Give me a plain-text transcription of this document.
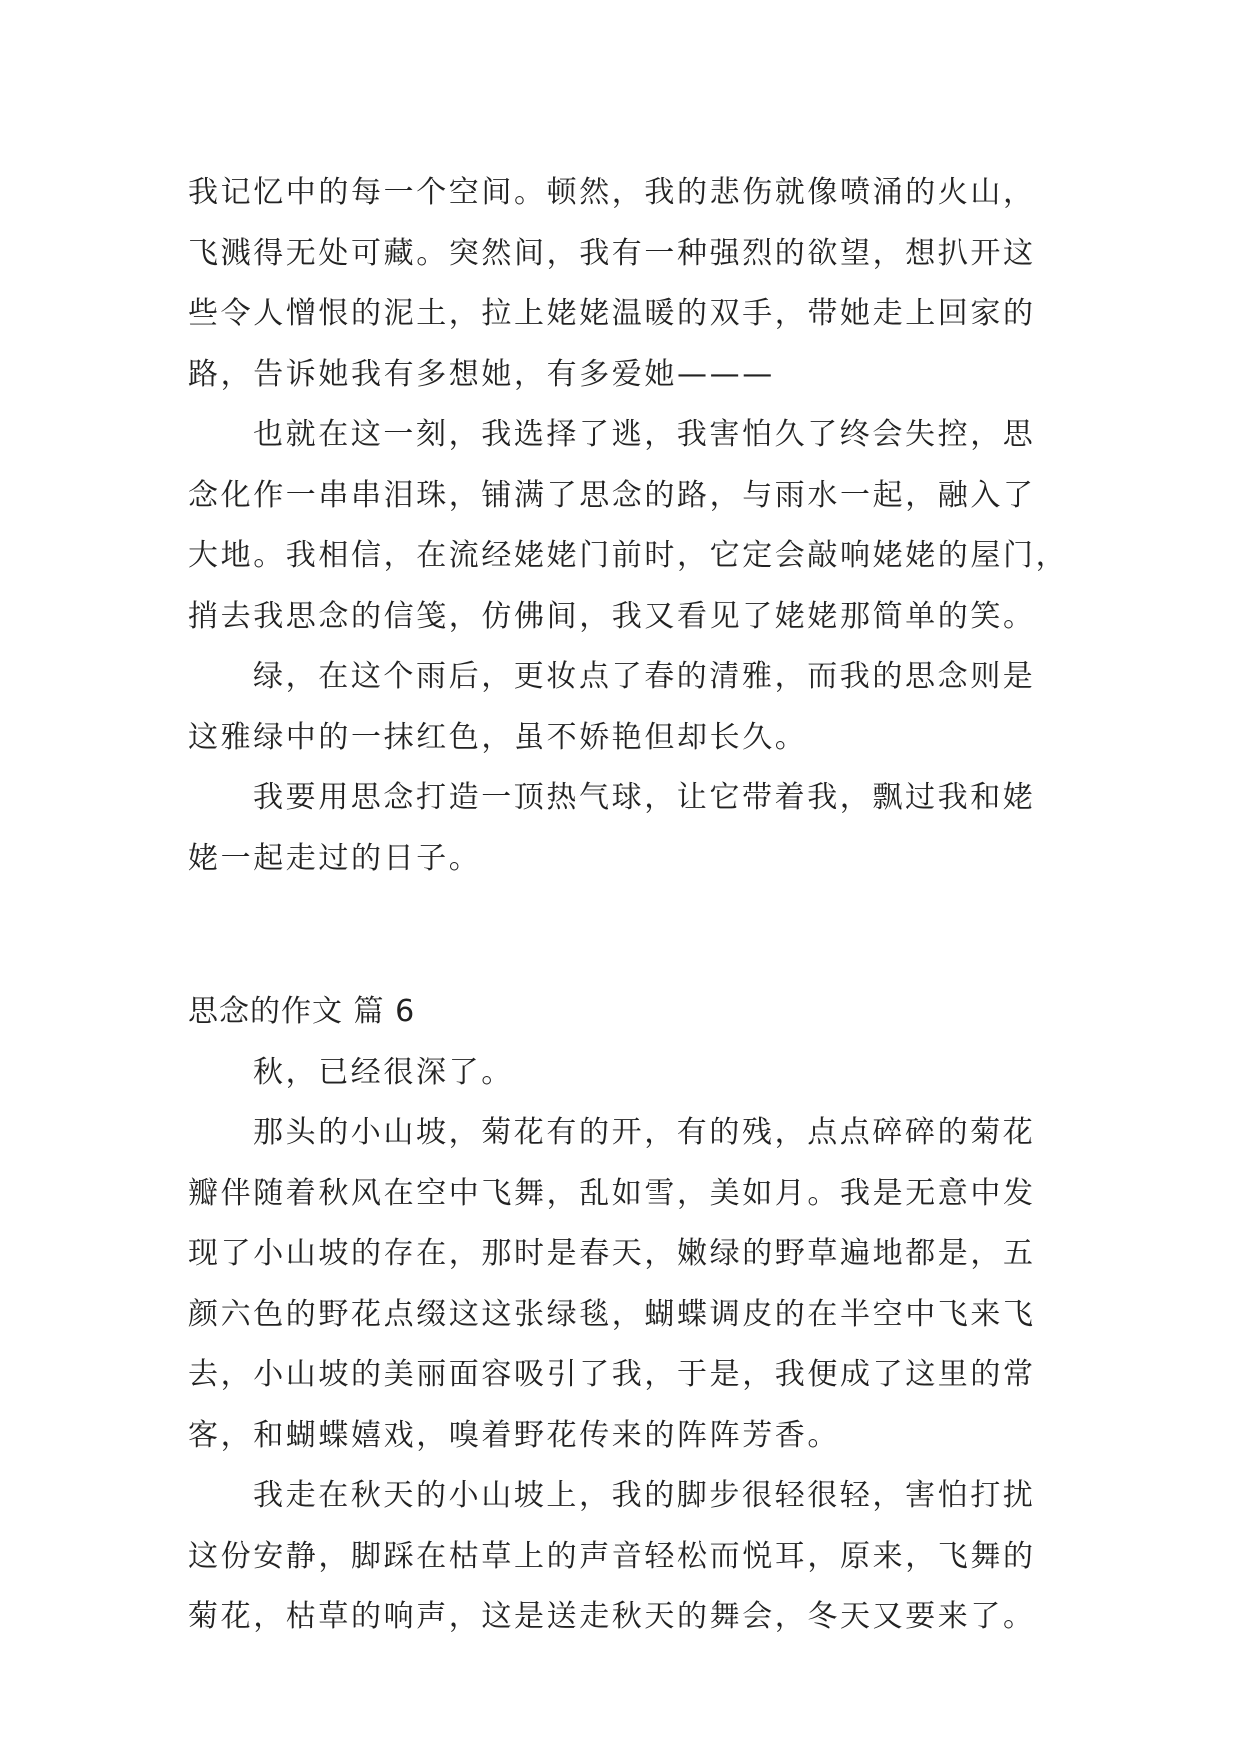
我记忆中的每一个空间。顿然，我的悲伤就像喷涌的火山，
飞溅得无处可藏。突然间，我有一种强烈的欲望，想扒开这
些令人憎恨的泥土，拉上姥姥温暖的双手，带她走上回家的
路，告诉她我有多想她，有多爱她———
也就在这一刻，我选择了逃，我害怕久了终会失控，思
念化作一串串泪珠，铺满了思念的路，与雨水一起，融入了
大地。我相信，在流经姥姥门前时，它定会敲响姥姥的屋门，
捎去我思念的信笺，仿佛间，我又看见了姥姥那简单的笑。
绿，在这个雨后，更妆点了春的清雅，而我的思念则是
这雅绿中的一抹红色，虽不娇艳但却长久。
我要用思念打造一顶热气球，让它带着我，飘过我和姥
姥一起走过的日子。
思念的作文 篇 6
秋，已经很深了。
那头的小山坡，菊花有的开，有的残，点点碎碎的菊花
瓣伴随着秋风在空中飞舞，乱如雪，美如月。我是无意中发
现了小山坡的存在，那时是春天，嫩绿的野草遍地都是，五
颜六色的野花点缀这这张绿毯，蝴蝶调皮的在半空中飞来飞
去，小山坡的美丽面容吸引了我，于是，我便成了这里的常
客，和蝴蝶嬉戏，嗅着野花传来的阵阵芳香。
我走在秋天的小山坡上，我的脚步很轻很轻，害怕打扰
这份安静，脚踩在枯草上的声音轻松而悦耳，原来，飞舞的
菊花，枯草的响声，这是送走秋天的舞会，冬天又要来了。
